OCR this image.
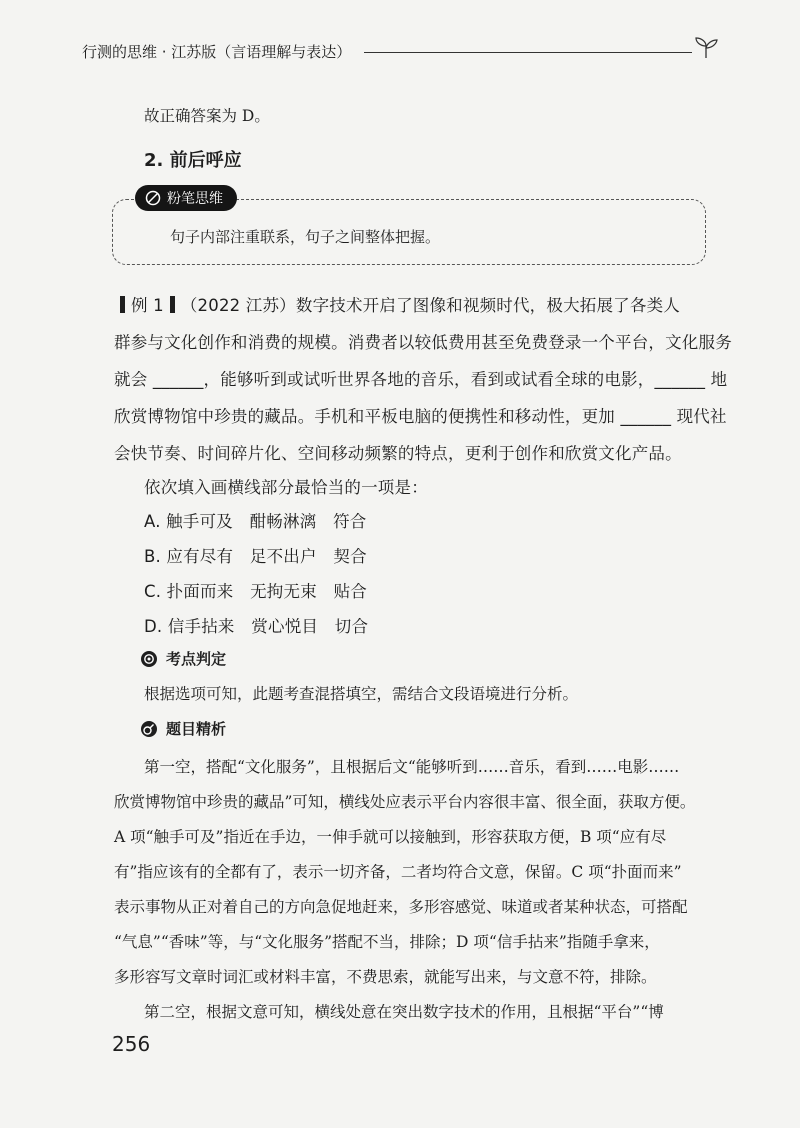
行测的思维 · 江苏版（言语理解与表达）
故正确答案为 D。
2. 前后呼应
粉笔思维
句子内部注重联系，句子之间整体把握。
例 1 （2022 江苏）数字技术开启了图像和视频时代，极大拓展了各类人
群参与文化创作和消费的规模。消费者以较低费用甚至免费登录一个平台，文化服务
就会 ______，能够听到或试听世界各地的音乐，看到或试看全球的电影，______ 地
欣赏博物馆中珍贵的藏品。手机和平板电脑的便携性和移动性，更加 ______ 现代社
会快节奏、时间碎片化、空间移动频繁的特点，更利于创作和欣赏文化产品。
依次填入画横线部分最恰当的一项是：
A. 触手可及　酣畅淋漓　符合
B. 应有尽有　足不出户　契合
C. 扑面而来　无拘无束　贴合
D. 信手拈来　赏心悦目　切合
考点判定
根据选项可知，此题考查混搭填空，需结合文段语境进行分析。
题目精析
第一空，搭配“文化服务”，且根据后文“能够听到……音乐，看到……电影……
欣赏博物馆中珍贵的藏品”可知，横线处应表示平台内容很丰富、很全面，获取方便。
A 项“触手可及”指近在手边，一伸手就可以接触到，形容获取方便，B 项“应有尽
有”指应该有的全都有了，表示一切齐备，二者均符合文意，保留。C 项“扑面而来”
表示事物从正对着自己的方向急促地赶来，多形容感觉、味道或者某种状态，可搭配
“气息”“香味”等，与“文化服务”搭配不当，排除；D 项“信手拈来”指随手拿来，
多形容写文章时词汇或材料丰富，不费思索，就能写出来，与文意不符，排除。
第二空，根据文意可知，横线处意在突出数字技术的作用，且根据“平台”“博
256
